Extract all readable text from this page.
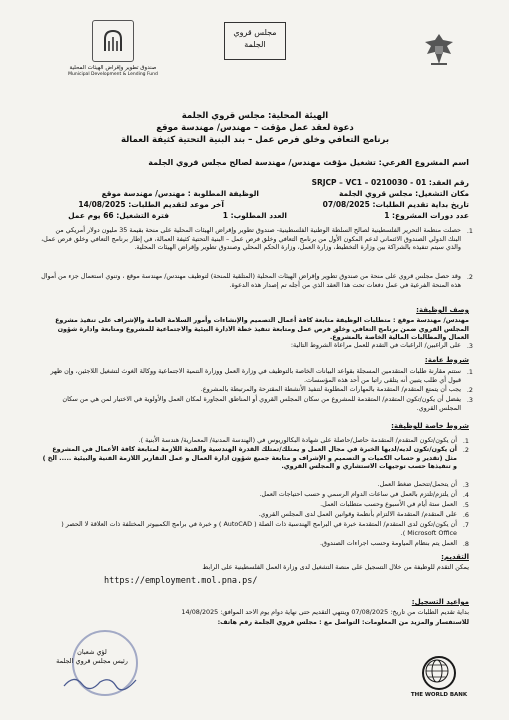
صندوق تطوير وإقراض الهيئات المحلية
Municipal Development & Lending Fund
مجلس قروي
الجلمة
الهيئة المحلية: مجلس قروي الجلمة
دعوة لعقد عمل مؤقت – مهندس/ مهندسة موقع
برنامج التعافي وخلق فرص عمل – بند البنية التحتية كثيفة العمالة
اسم المشروع الفرعي: تشغيل مؤقت مهندس/ مهندسة لصالح مجلس قروي الجلمة
رقم العقد: SRJCP – VC1 – 0210030 - 01
مكان التشغيل: مجلس قروي الجلمة
تاريخ بداية تقديم الطلبات: 07/08/2025
عدد دورات المشروع: 1
الوظيفة المطلوبة : مهندس/ مهندسة موقع
آخر موعد لتقديم الطلبات: 14/08/2025
العدد المطلوب: 1
فترة التشغيل: 66 يوم عمل
.1
حصلت منظمة التحرير الفلسطينية لصالح السلطة الوطنية الفلسطينية- صندوق تطوير وإقراض الهيئات المحلية على منحة بقيمة 35 مليون دولار أمريكي من البنك الدولي الصندوق الائتماني لدعم المكون الأول من برنامج التعافي وخلق فرص عمل – البنية التحتية كثيفة العمالة، في إطار برنامج التعافي وخلق فرص عمل، والذي سيتم تنفيذه بالشراكة بين وزارة التخطيط، وزارة العمل، وزارة الحكم المحلي وصندوق تطوير وإقراض الهيئات المحلية.
.2
وقد حصل مجلس قروي على منحة من صندوق تطوير وإقراض الهيئات المحلية (المتلقية للمنحة) لتوظيف مهندس/ مهندسة موقع ، وتنوي استعمال جزء من أموال هذه المنحة الفرعية في عمل دفعات تحت هذا العقد الذي من أجله تم إصدار هذه الدعوة.
وصف الوظيفة:
مهندس/ مهندسة موقع : متطلبات الوظيفة متابعة كافة أعمال التصميم والإنشاءات وأمور السلامة العامة والإشراف على تنفيذ مشروع المجلس القروي ضمن برنامج التعافي وخلق فرص عمل ومتابعة تنفيذ خطة الادارة البيئية والاجتماعية للمشروع ومتابعة وادارة شؤون العمال والمطالبات المالية الخاصة بالمشروع.
.3
على الراغبين/ الراغبات في التقدم للعمل مراعاة الشروط التالية:
شروط عامة:
.1
ستتم مقارنة طلبات المتقدمين المسجلة بقواعد البيانات الخاصة بالتوظيف في وزارة العمل ووزارة التنمية الاجتماعية ووكالة الغوث لتشغيل اللاجئين، وإن ظهر قبول أي طلب يتبين أنه يتلقى راتبا من أحد هذه المؤسسات.
.2
يجب أن يتمتع المتقدم/ المتقدمة بالمهارات المطلوبة لتنفيذ الأنشطة المقترحة والمرتبطة بالمشروع.
.3
يفضل أن يكون/تكون المتقدم/ المتقدمة للمشروع من سكان المجلس القروي أو المناطق المجاورة لمكان العمل والأولوية في الاختيار لمن هي من سكان المجلس القروي.
شروط خاصة للوظيفة:
.1
أن يكون/تكون المتقدم/ المتقدمة حاصل/حاصلة على شهادة البكالوريوس في (الهندسة المدنية/ المعمارية/ هندسة الأبنية ).
.2
أن يكون/تكون لديه/لديها الخبرة في مجال العمل و يمتلك/تمتلك القدرة الهندسية والفنية اللازمة لمتابعة كافة الأعمال في المشروع مثل (تقدير و حساب الكميات و التصميم و الإشراف و متابعة جميع شؤون ادارة العمال و عمل التقارير اللازمة الفنية والبيئية ..... الخ ) و تنفيذها حسب توجيهات الاستشاري و المجلس القروي.
.3
أن يتحمل/تتحمل ضغط العمل.
.4
أن يلتزم/تلتزم بالعمل في ساعات الدوام الرسمي و حسب احتياجات العمل.
.5
العمل ستة أيام في الأسبوع وحسب متطلبات العمل.
.6
على المتقدم/ المتقدمة الالتزام بأنظمة وقوانين العمل لدى المجلس القروي.
.7
أن يكون/تكون لدى المتقدم/ المتقدمة خبرة في البرامج الهندسية ذات الصلة ( AutoCAD ) و خبرة في برامج الكمبيوتر المختلفة ذات العلاقة لا الحصر ( Microsoft Office ).
.8
العمل يتم بنظام المياومة وحسب اجراءات الصندوق.
التقديم:
يمكن التقدم للوظيفة من خلال التسجيل على منصة التشغيل لدى وزارة العمل الفلسطينية على الرابط
https://employment.mol.pna.ps/
مواعيد التسجيل:
بداية تقديم الطلبات من تاريخ: 07/08/2025 وينتهي التقديم حتى نهاية دوام يوم الاحد الموافق: 14/08/2025
للاستفسار والمزيد من المعلومات: التواصل مع : مجلس قروي الجلمة رقم هاتف:
لؤي شعبان
رئيس مجلس قروي الجلمة
THE WORLD BANK
